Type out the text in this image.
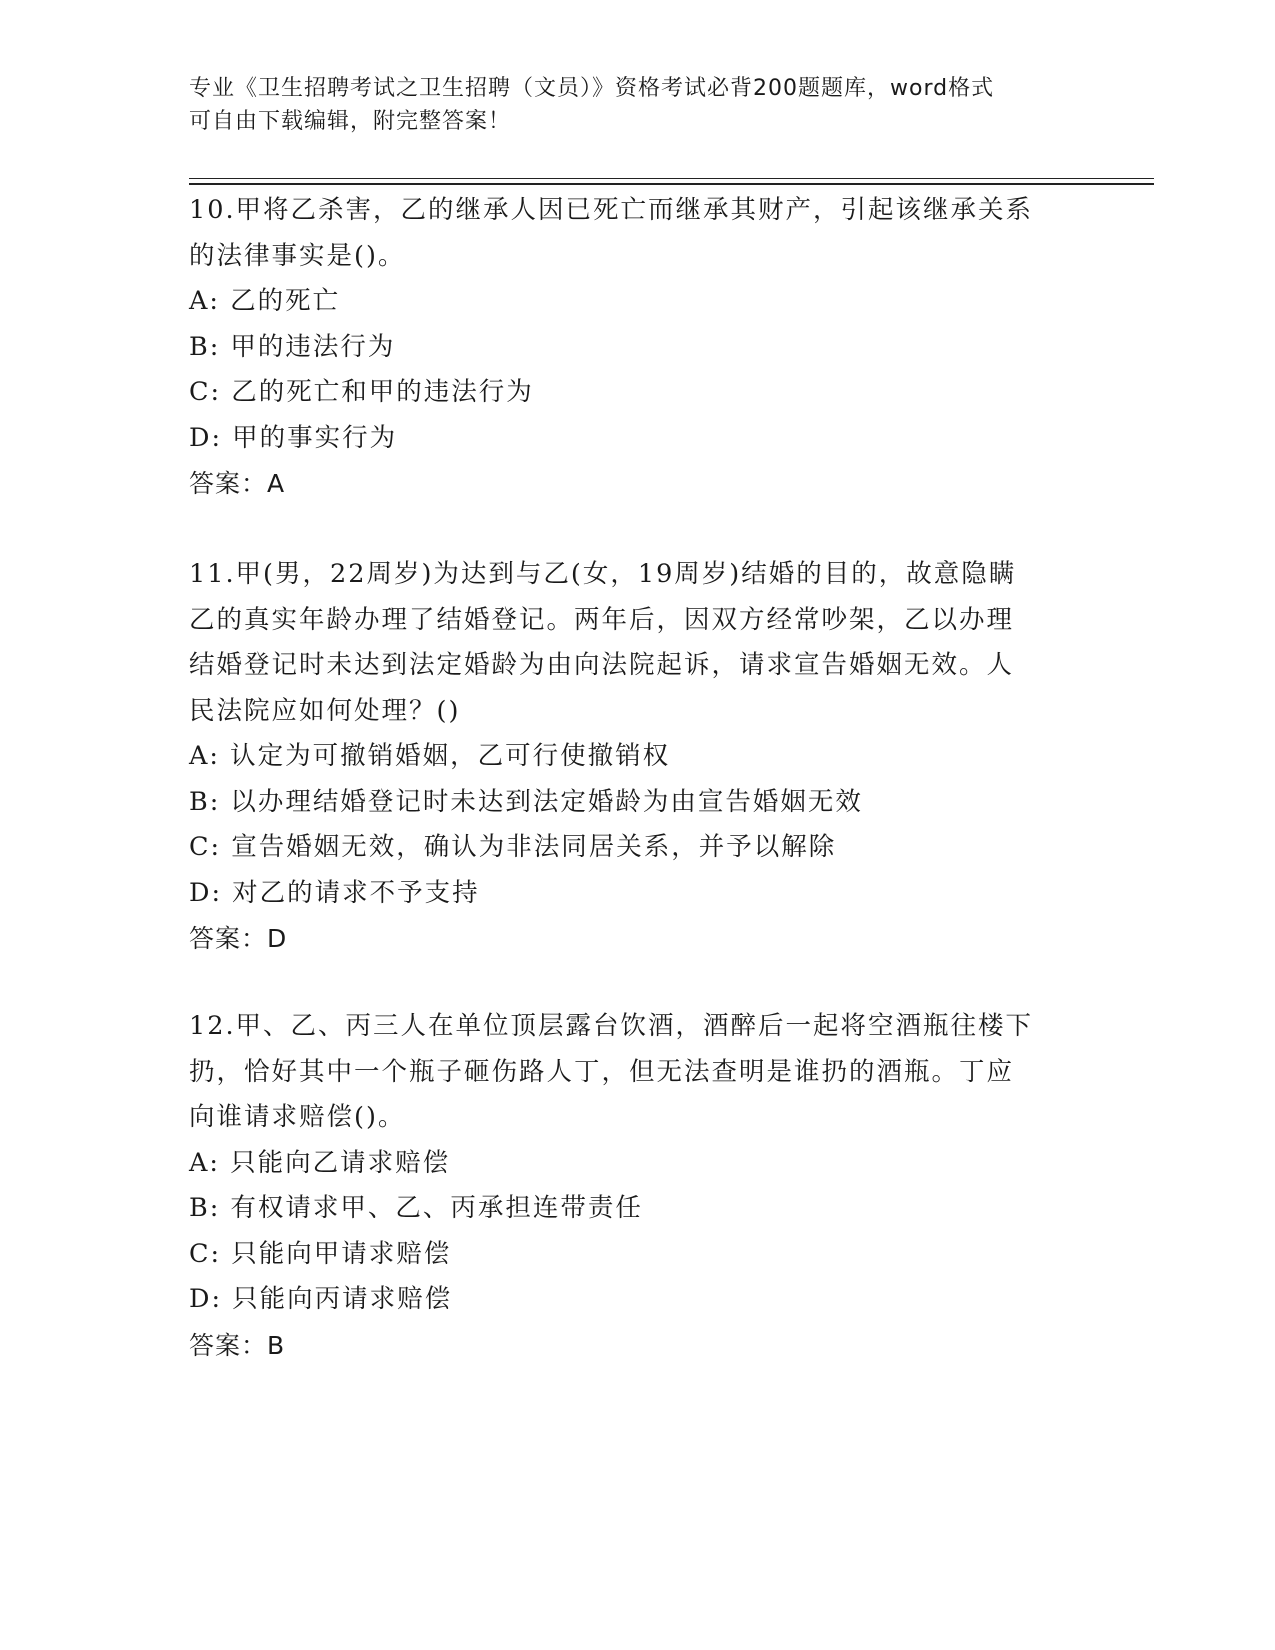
专业《卫生招聘考试之卫生招聘（文员）》资格考试必背200题题库，word格式
可自由下载编辑，附完整答案！
10.甲将乙杀害，乙的继承人因已死亡而继承其财产，引起该继承关系
的法律事实是()。
A: 乙的死亡
B: 甲的违法行为
C: 乙的死亡和甲的违法行为
D: 甲的事实行为
答案：A
11.甲(男，22周岁)为达到与乙(女，19周岁)结婚的目的，故意隐瞒
乙的真实年龄办理了结婚登记。两年后，因双方经常吵架，乙以办理
结婚登记时未达到法定婚龄为由向法院起诉，请求宣告婚姻无效。人
民法院应如何处理？()
A: 认定为可撤销婚姻，乙可行使撤销权
B: 以办理结婚登记时未达到法定婚龄为由宣告婚姻无效
C: 宣告婚姻无效，确认为非法同居关系，并予以解除
D: 对乙的请求不予支持
答案：D
12.甲、乙、丙三人在单位顶层露台饮酒，酒醉后一起将空酒瓶往楼下
扔，恰好其中一个瓶子砸伤路人丁，但无法查明是谁扔的酒瓶。丁应
向谁请求赔偿()。
A: 只能向乙请求赔偿
B: 有权请求甲、乙、丙承担连带责任
C: 只能向甲请求赔偿
D: 只能向丙请求赔偿
答案：B
